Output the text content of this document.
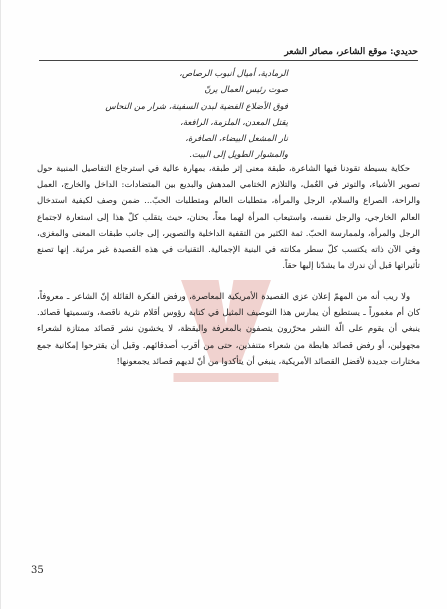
حديدي: موقع الشاعر، مصائر الشعر
الرمادية، أميال أنبوب الرصاص،
صوت رئيس العمال يرنّ
فوق الأضلاع الفضية لبدن السفينة، شرار من النحاس
يقتل المعدن، الملزمة، الرافعة،
نار المشعل البيضاء، الصافرة،
والمشوار الطويل إلى البيت.

حكاية بسيطة تقودنا فيها الشاعرة، طبقة معنى إثر طبقة، بمهارة عالية في استرجاع التفاصيل المنبية حول تصوير الأشياء، والتوتر في العُمل، والتلازم الختامي المدهش والبديع بين المتضادات: الداخل والخارج، العمل والراحة، الصراع والسلام، الرجل والمرأة، متطلبات العالم ومتطلبات الحبّ... ضمن وصف لكيفية استدخال العالم الخارجي، والرجل نفسه، واستيعاب المرأة لهما معاً، بحنان، حيث يتقلب كلّ هذا إلى استعارة لاجتماع الرجل والمرأة، ولممارسة الحبّ. ثمة الكثير من التقفية الداخلية والتصوير، إلى جانب طبقات المعنى والمغزى، وفي الآن ذاته يكتسب كلّ سطر مكانته في البنية الإجمالية. التقنيات في هذه القصيدة غير مرئية. إنها تصنع تأثيراتها قبل أن ندرك ما يشدّنا إليها حقاً.

ولا ريب أنه من المهمّ إعلان عزي القصيدة الأمريكية المعاصرة، ورفض الفكرة القائلة إنّ الشاعر ـ معروفاً، كان أم مغموراً ـ يستطيع أن يمارس هذا التوصيف المثيل في كتابة رؤوس أقلام نثرية ناقصة، وتسميتها قصائد. ينبغي أن يقوم على الّة النشر محرّرون يتصفون بالمعرفة واليقظة، لا يخشون نشر قصائد ممتازة لشعراء مجهولين، أو رفض قصائد هابطة من شعراء متنفذين، حتى من أقرب أصدقائهم. وقبل أن يقترحوا إمكانية جمع مختارات جديدة لأفضل القصائد الأمريكية، ينبغي أن يتأكدوا من أنّ لديهم قصائد يجمعونها!

35
